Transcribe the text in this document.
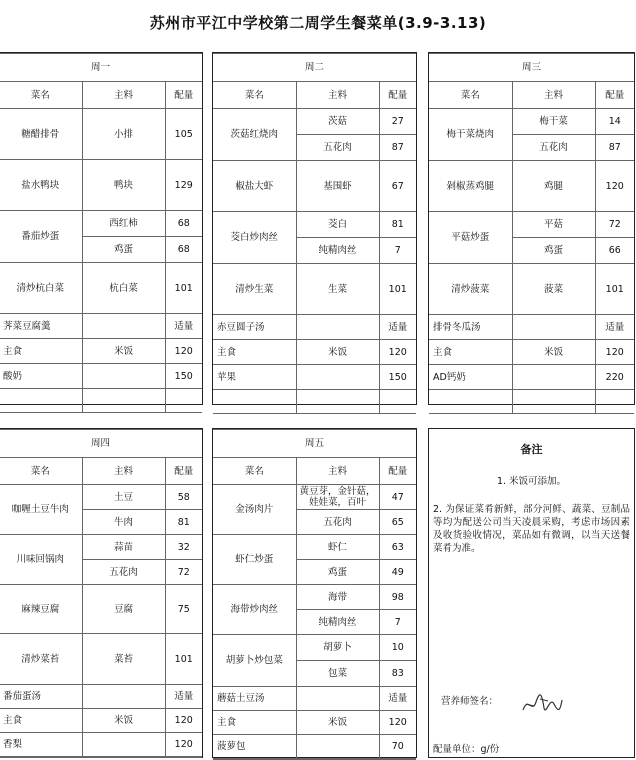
苏州市平江中学校第二周学生餐菜单(3.9-3.13)
周一		
菜名	主料	配量
糖醋排骨	小排	105
盐水鸭块	鸭块	129
番茄炒蛋	西红柿	68
	鸡蛋	68
清炒杭白菜	杭白菜	101
荠菜豆腐羹		适量
主食	米饭	120
酸奶		150

周二		
菜名	主料	配量
茨菇红烧肉	茨菇	27
	五花肉	87
椒盐大虾	基围虾	67
茭白炒肉丝	茭白	81
	纯精肉丝	7
清炒生菜	生菜	101
赤豆圆子汤		适量
主食	米饭	120
苹果		150

周三		
菜名	主料	配量
梅干菜烧肉	梅干菜	14
	五花肉	87
剁椒蒸鸡腿	鸡腿	120
平菇炒蛋	平菇	72
	鸡蛋	66
清炒菠菜	菠菜	101
排骨冬瓜汤		适量
主食	米饭	120
AD钙奶		220

周四		
菜名	主料	配量
咖喱土豆牛肉	土豆	58
	牛肉	81
川味回锅肉	蒜苗	32
	五花肉	72
麻辣豆腐	豆腐	75
清炒菜苔	菜苔	101
番茄蛋汤		适量
主食	米饭	120
香梨		120

周五		
菜名	主料	配量
金汤肉片	黄豆芽，金针菇，
娃娃菜，百叶	47
	五花肉	65
虾仁炒蛋	虾仁	63
	鸡蛋	49
海带炒肉丝	海带	98
	纯精肉丝	7
胡萝卜炒包菜	胡萝卜	10
	包菜	83
蘑菇土豆汤		适量
主食	米饭	120
菠萝包		70

备注
1. 米饭可添加。
2. 为保证菜肴新鲜，部分河鲜、蔬菜、豆制品等均为配送公司当天凌晨采购，考虑市场因素及收货验收情况，菜品如有微调，以当天送餐菜肴为准。
营养师签名：
配量单位：g/份
